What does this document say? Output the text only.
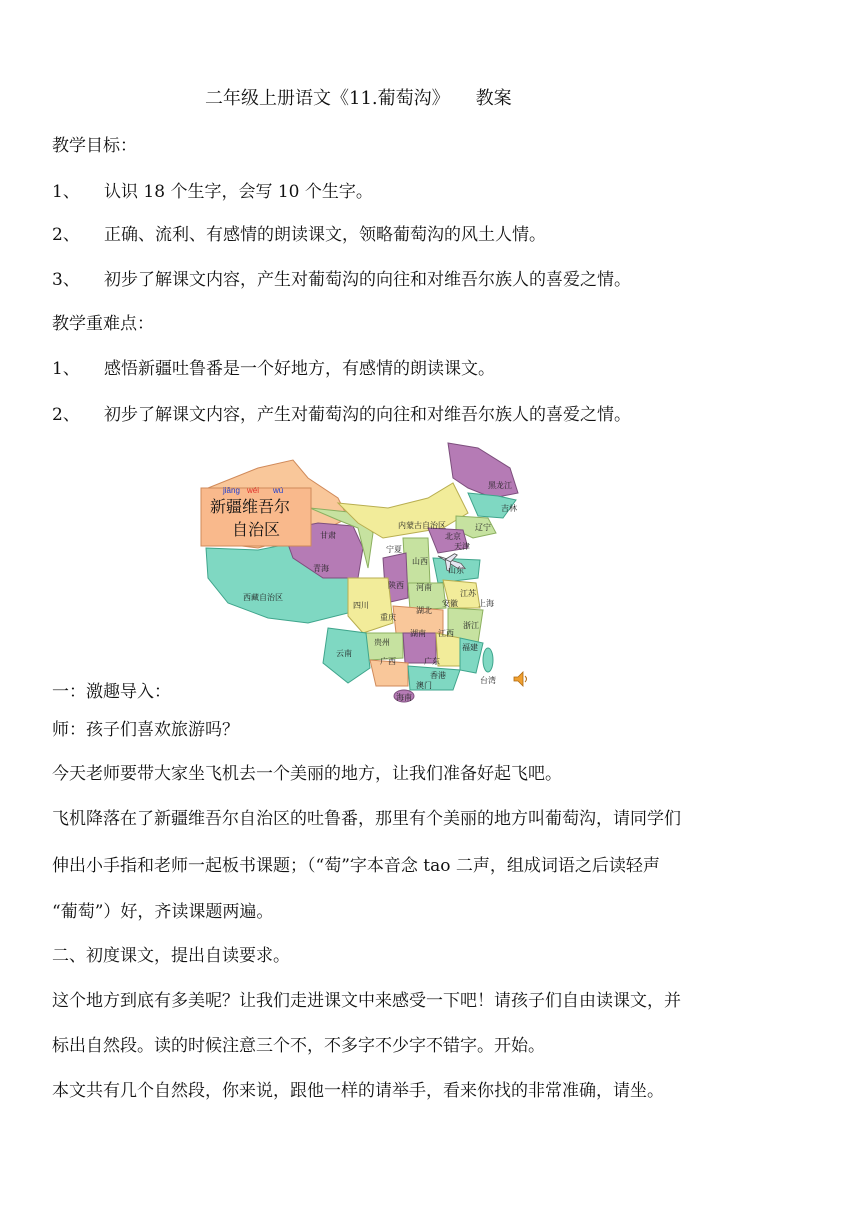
二年级上册语文《11.葡萄沟》 教案
教学目标：
1、 认识 18 个生字，会写 10 个生字。
2、 正确、流利、有感情的朗读课文，领略葡萄沟的风土人情。
3、 初步了解课文内容，产生对葡萄沟的向往和对维吾尔族人的喜爱之情。
教学重难点：
1、 感悟新疆吐鲁番是一个好地方，有感情的朗读课文。
2、 初步了解课文内容，产生对葡萄沟的向往和对维吾尔族人的喜爱之情。
黑龙江
吉林
辽宁
内蒙古自治区
北京
天津
甘肃
宁夏
山西
青海
陕西 河南
山东
江苏
安徽	上海
西藏自治区
四川
重庆
湖北
浙江
贵州
湖南 江西
福建
云南
广西	广东
台湾
香港
澳门
海南
jiāng wéi wú
新疆维吾尔
自治区
一：激趣导入：
师：孩子们喜欢旅游吗？
今天老师要带大家坐飞机去一个美丽的地方，让我们准备好起飞吧。
飞机降落在了新疆维吾尔自治区的吐鲁番，那里有个美丽的地方叫葡萄沟，请同学们
伸出小手指和老师一起板书课题；（“萄”字本音念 tao 二声，组成词语之后读轻声
“葡萄”）好，齐读课题两遍。
二、初度课文，提出自读要求。
这个地方到底有多美呢？让我们走进课文中来感受一下吧！请孩子们自由读课文，并
标出自然段。读的时候注意三个不，不多字不少字不错字。开始。
本文共有几个自然段，你来说，跟他一样的请举手，看来你找的非常准确，请坐。
